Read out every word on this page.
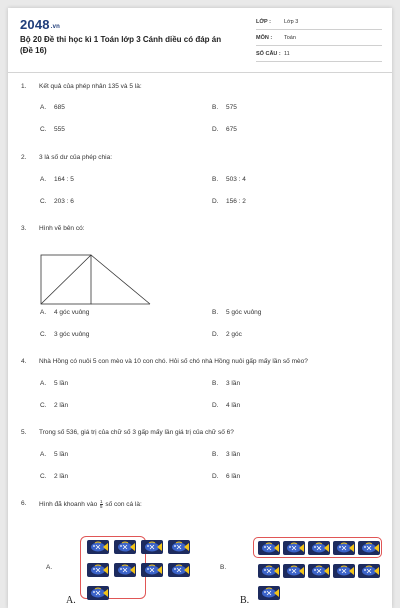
2048.vn
Bộ 20 Đề thi học kì 1 Toán lớp 3 Cánh diều có đáp án (Đề 16)
LỚP : Lớp 3
MÔN : Toán
SỐ CÂU : 11
1. Kết quả của phép nhân 135 và 5 là:
A. 685	B. 575
C. 555	D. 675
2. 3 là số dư của phép chia:
A. 164 : 5	B. 503 : 4
C. 203 : 6	D. 156 : 2
3. Hình vẽ bên có:
A. 4 góc vuông	B. 5 góc vuông
C. 3 góc vuông	D. 2 góc
4. Nhà Hồng có nuôi 5 con mèo và 10 con chó. Hỏi số chó nhà Hồng nuôi gấp mấy lần số mèo?
A. 5 lần	B. 3 lần
C. 2 lần	D. 4 lần
5. Trong số 536, giá trị của chữ số 3 gấp mấy lần giá trị của chữ số 6?
A. 5 lần	B. 3 lần
C. 2 lần	D. 6 lần
6. Hình đã khoanh vào $\frac{1}{5}$ số con cá là:
A.	B.
A.	B.
